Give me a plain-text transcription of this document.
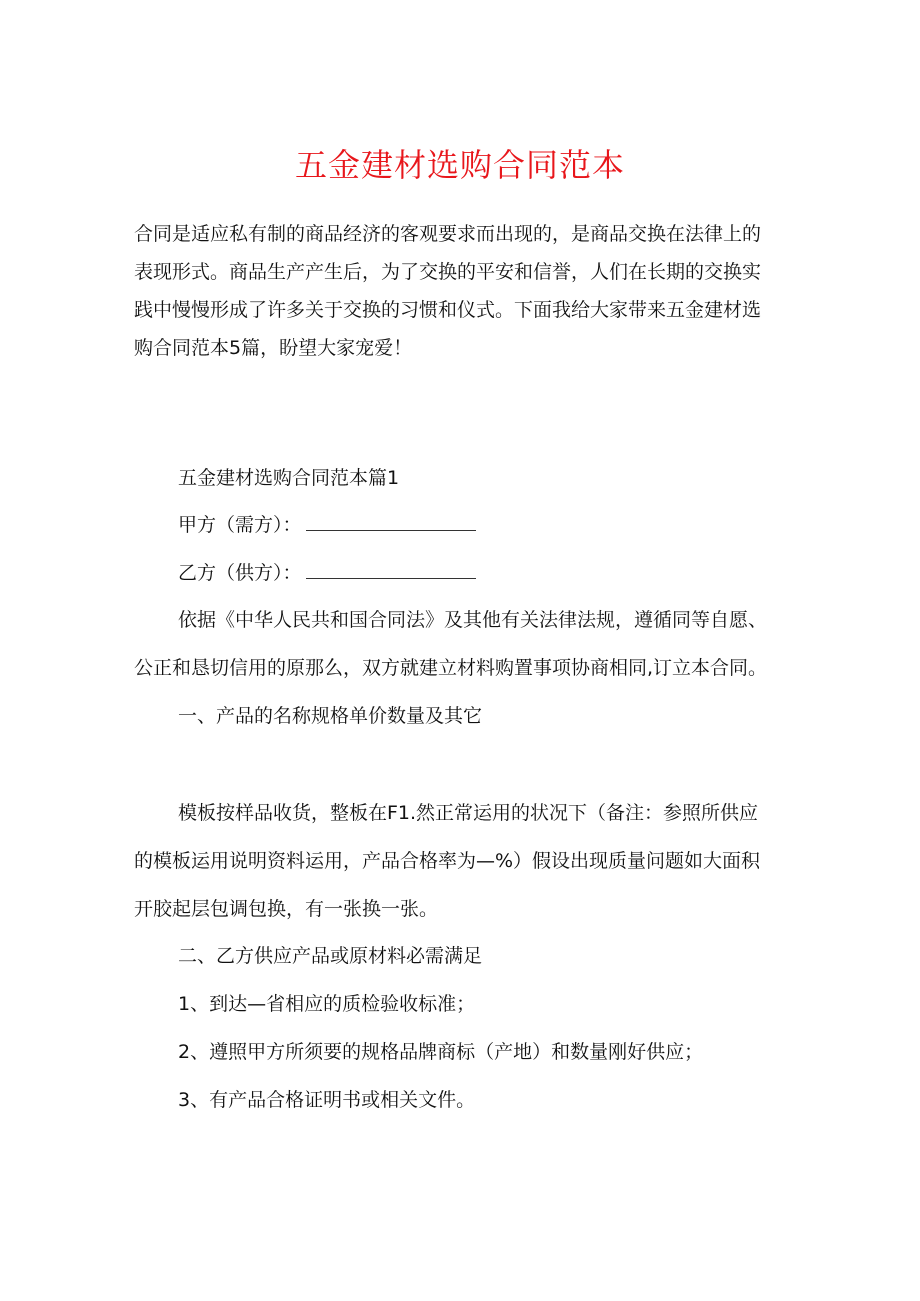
五金建材选购合同范本
合同是适应私有制的商品经济的客观要求而出现的，是商品交换在法律上的
表现形式。商品生产产生后，为了交换的平安和信誉，人们在长期的交换实
践中慢慢形成了许多关于交换的习惯和仪式。下面我给大家带来五金建材选
购合同范本5篇，盼望大家宠爱！
五金建材选购合同范本篇1
甲方（需方）：
乙方（供方）：
依据《中华人民共和国合同法》及其他有关法律法规，遵循同等自愿、
公正和恳切信用的原那么，双方就建立材料购置事项协商相同,订立本合同。
一、产品的名称规格单价数量及其它
模板按样品收货，整板在F1.然正常运用的状况下（备注：参照所供应
的模板运用说明资料运用，产品合格率为—%）假设出现质量问题如大面积
开胶起层包调包换，有一张换一张。
二、乙方供应产品或原材料必需满足
1、到达—省相应的质检验收标准；
2、遵照甲方所须要的规格品牌商标（产地）和数量刚好供应；
3、有产品合格证明书或相关文件。
